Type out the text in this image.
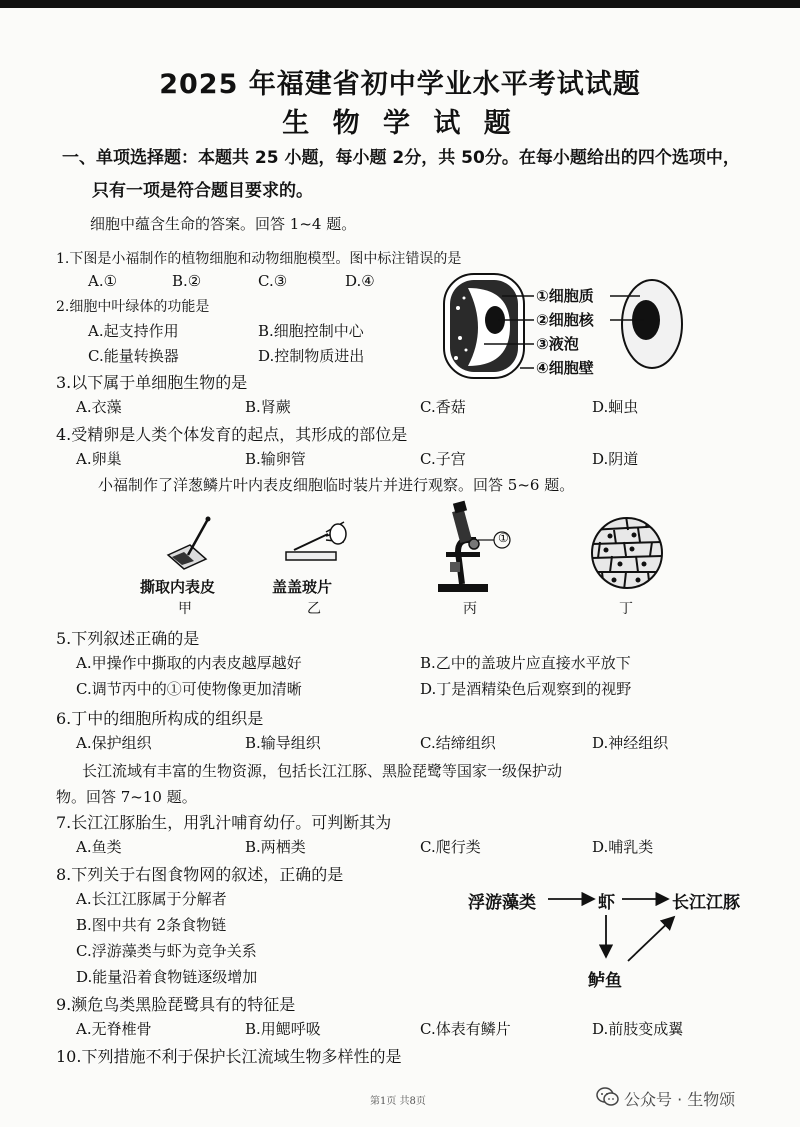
2025 年福建省初中学业水平考试试题
生 物 学 试 题
一、单项选择题：本题共 25 小题，每小题 2分，共 50分。在每小题给出的四个选项中，
只有一项是符合题目要求的。
细胞中蕴含生命的答案。回答 1~4 题。
1.下图是小福制作的植物细胞和动物细胞模型。图中标注错误的是
A.①	B.②	C.③	D.④
①细胞质
②细胞核
③液泡
④细胞壁
2.细胞中叶绿体的功能是
A.起支持作用	B.细胞控制中心
C.能量转换器	D.控制物质进出
3.以下属于单细胞生物的是
A.衣藻	B.肾蕨	C.香菇	D.蛔虫
4.受精卵是人类个体发育的起点，其形成的部位是
A.卵巢	B.输卵管	C.子宫	D.阴道
小福制作了洋葱鳞片叶内表皮细胞临时装片并进行观察。回答 5~6 题。
撕取内表皮
甲
盖盖玻片
乙
①
丙	丁
5.下列叙述正确的是
A.甲操作中撕取的内表皮越厚越好	B.乙中的盖玻片应直接水平放下
C.调节丙中的①可使物像更加清晰	D.丁是酒精染色后观察到的视野
6.丁中的细胞所构成的组织是
A.保护组织	B.输导组织	C.结缔组织	D.神经组织
长江流域有丰富的生物资源，包括长江江豚、黑脸琵鹭等国家一级保护动
物。回答 7~10 题。
7.长江江豚胎生，用乳汁哺育幼仔。可判断其为
A.鱼类	B.两栖类	C.爬行类	D.哺乳类
8.下列关于右图食物网的叙述，正确的是
A.长江江豚属于分解者
B.图中共有 2条食物链
C.浮游藻类与虾为竞争关系
D.能量沿着食物链逐级增加
浮游藻类	虾	长江江豚
鲈鱼
9.濒危鸟类黑脸琵鹭具有的特征是
A.无脊椎骨	B.用鳃呼吸	C.体表有鳞片	D.前肢变成翼
10.下列措施不利于保护长江流域生物多样性的是
第1页 共8页	公众号 · 生物颂
